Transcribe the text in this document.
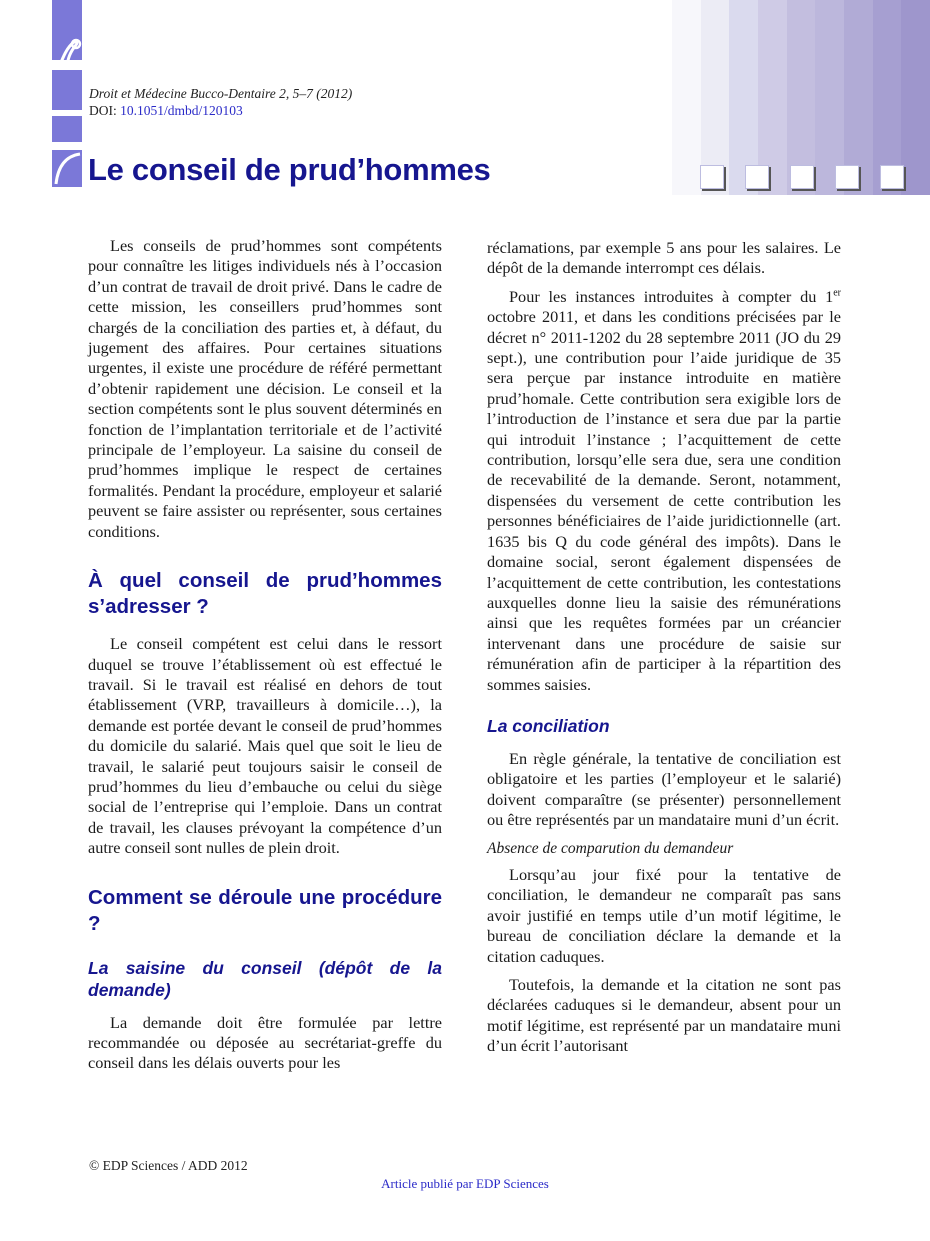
Droit et Médecine Bucco-Dentaire 2, 5–7 (2012)
DOI: 10.1051/dmbd/120103
Le conseil de prud’hommes

Les conseils de prud’hommes sont compétents pour connaître les litiges individuels nés à l’occasion d’un contrat de travail de droit privé. Dans le cadre de cette mission, les conseillers prud’hommes sont chargés de la conciliation des parties et, à défaut, du jugement des affaires. Pour certaines situations urgentes, il existe une procédure de référé permettant d’obtenir rapidement une décision. Le conseil et la section compétents sont le plus souvent déterminés en fonction de l’implantation territoriale et de l’activité principale de l’employeur. La saisine du conseil de prud’hommes implique le respect de certaines formalités. Pendant la procédure, employeur et salarié peuvent se faire assister ou représenter, sous certaines conditions.

À quel conseil de prud’hommes s’adresser ?

Le conseil compétent est celui dans le ressort duquel se trouve l’établissement où est effectué le travail. Si le travail est réalisé en dehors de tout établissement (VRP, travailleurs à domicile…), la demande est portée devant le conseil de prud’hommes du domicile du salarié. Mais quel que soit le lieu de travail, le salarié peut toujours saisir le conseil de prud’hommes du lieu d’embauche ou celui du siège social de l’entreprise qui l’emploie. Dans un contrat de travail, les clauses prévoyant la compétence d’un autre conseil sont nulles de plein droit.

Comment se déroule une procédure ?
La saisine du conseil (dépôt de la demande)

La demande doit être formulée par lettre recommandée ou déposée au secrétariat-greffe du conseil dans les délais ouverts pour les

réclamations, par exemple 5 ans pour les salaires. Le dépôt de la demande interrompt ces délais.

Pour les instances introduites à compter du 1er octobre 2011, et dans les conditions précisées par le décret n° 2011-1202 du 28 septembre 2011 (JO du 29 sept.), une contribution pour l’aide juridique de 35 sera perçue par instance introduite en matière prud’homale. Cette contribution sera exigible lors de l’introduction de l’instance et sera due par la partie qui introduit l’instance ; l’acquittement de cette contribution, lorsqu’elle sera due, sera une condition de recevabilité de la demande. Seront, notamment, dispensées du versement de cette contribution les personnes bénéficiaires de l’aide juridictionnelle (art. 1635 bis Q du code général des impôts). Dans le domaine social, seront également dispensées de l’acquittement de cette contribution, les contestations auxquelles donne lieu la saisie des rémunérations ainsi que les requêtes formées par un créancier intervenant dans une procédure de saisie sur rémunération afin de participer à la répartition des sommes saisies.

La conciliation

En règle générale, la tentative de conciliation est obligatoire et les parties (l’employeur et le salarié) doivent comparaître (se présenter) personnellement ou être représentés par un mandataire muni d’un écrit.

Absence de comparution du demandeur

Lorsqu’au jour fixé pour la tentative de conciliation, le demandeur ne comparaît pas sans avoir justifié en temps utile d’un motif légitime, le bureau de conciliation déclare la demande et la citation caduques.

Toutefois, la demande et la citation ne sont pas déclarées caduques si le demandeur, absent pour un motif légitime, est représenté par un mandataire muni d’un écrit l’autorisant

© EDP Sciences / ADD 2012
Article publié par EDP Sciences
